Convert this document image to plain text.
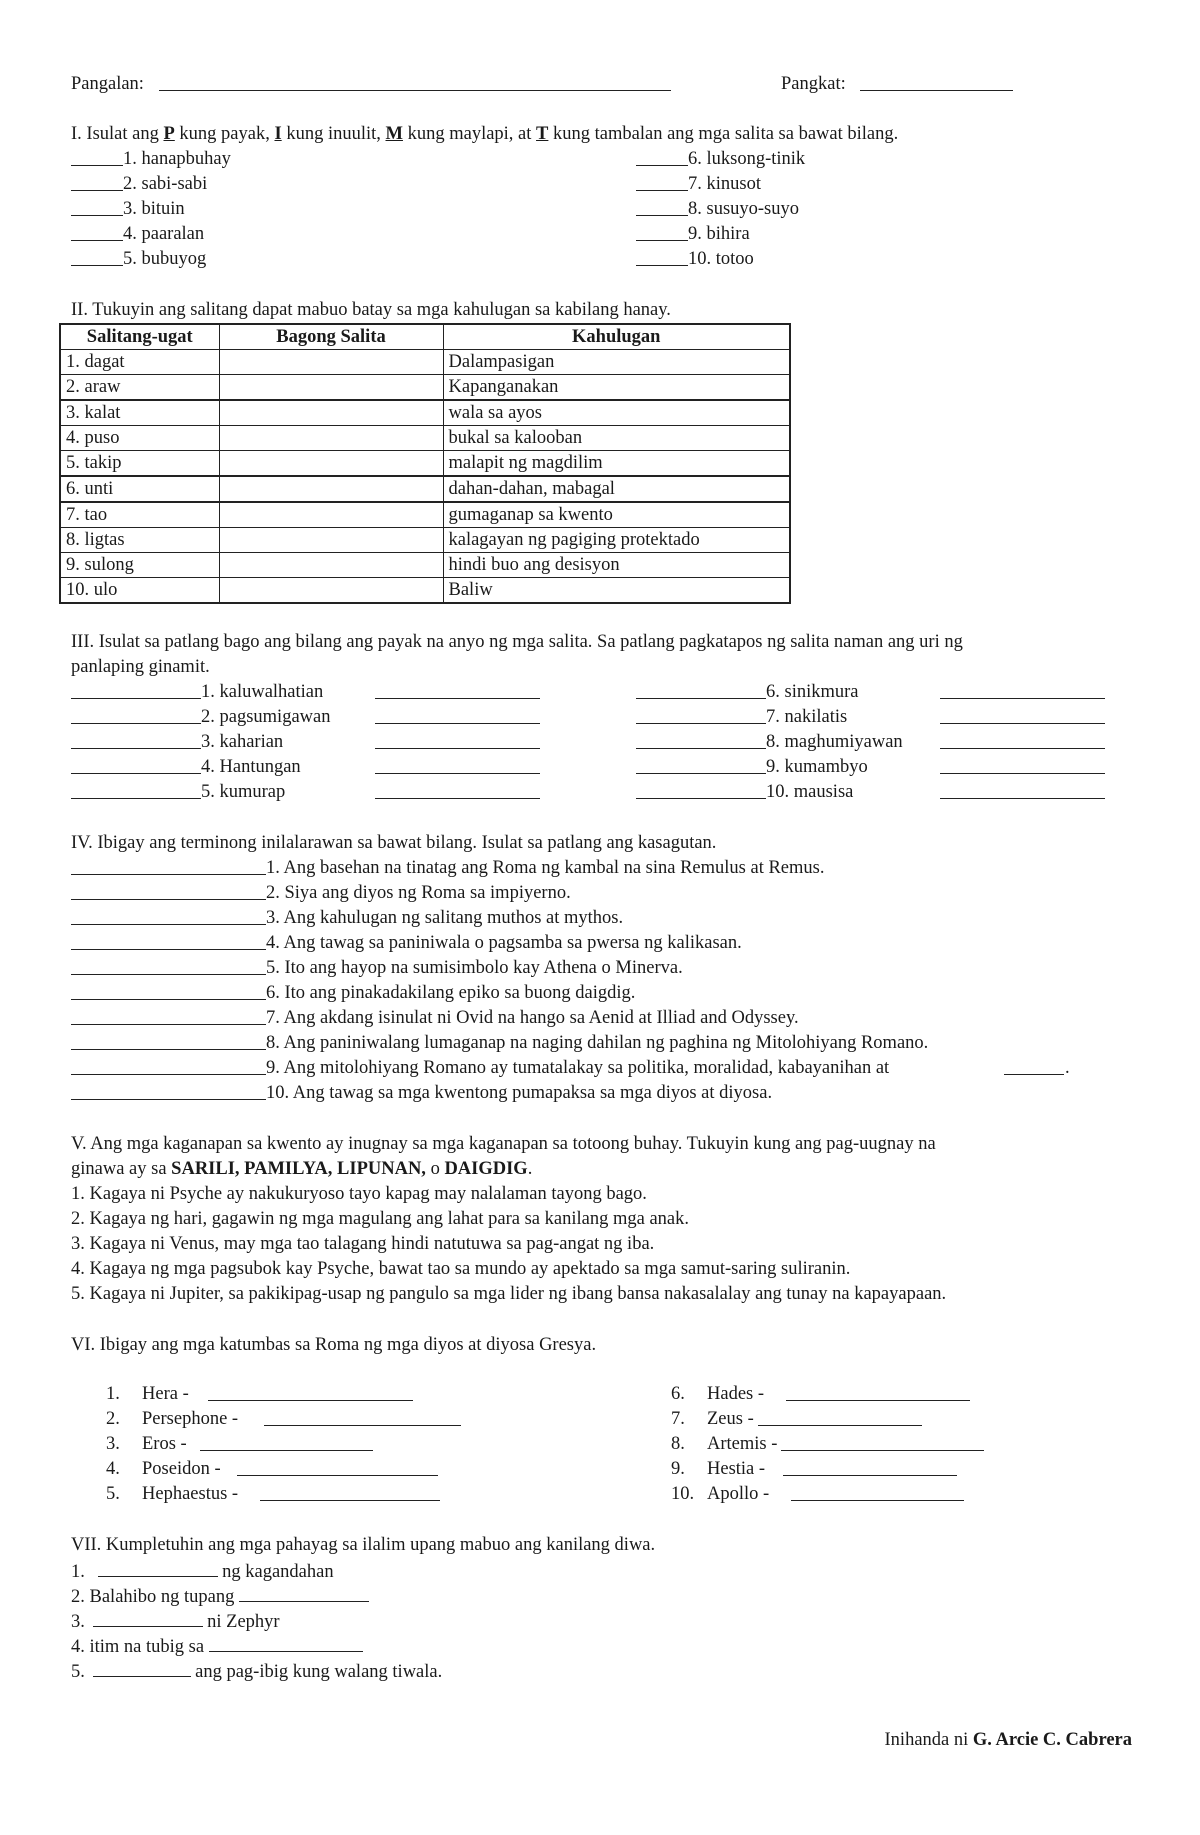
Pangalan:	Pangkat:
I. Isulat ang P kung payak, I kung inuulit, M kung maylapi, at T kung tambalan ang mga salita sa bawat bilang.
1. hanapbuhay	6. luksong-tinik
2. sabi-sabi	7. kinusot
3. bituin	8. susuyo-suyo
4. paaralan	9. bihira
5. bubuyog	10. totoo
II. Tukuyin ang salitang dapat mabuo batay sa mga kahulugan sa kabilang hanay.
Salitang-ugat	Bagong Salita	Kahulugan
1. dagat		Dalampasigan
2. araw		Kapanganakan
3. kalat		wala sa ayos
4. puso		bukal sa kalooban
5. takip		malapit ng magdilim
6. unti		dahan-dahan, mabagal
7. tao		gumaganap sa kwento
8. ligtas		kalagayan ng pagiging protektado
9. sulong		hindi buo ang desisyon
10. ulo		Baliw
III. Isulat sa patlang bago ang bilang ang payak na anyo ng mga salita. Sa patlang pagkatapos ng salita naman ang uri ng
panlaping ginamit.
1. kaluwalhatian	6. sinikmura
2. pagsumigawan	7. nakilatis
3. kaharian	8. maghumiyawan
4. Hantungan	9. kumambyo
5. kumurap	10. mausisa
IV. Ibigay ang terminong inilalarawan sa bawat bilang. Isulat sa patlang ang kasagutan.
1. Ang basehan na tinatag ang Roma ng kambal na sina Remulus at Remus.
2. Siya ang diyos ng Roma sa impiyerno.
3. Ang kahulugan ng salitang muthos at mythos.
4. Ang tawag sa paniniwala o pagsamba sa pwersa ng kalikasan.
5. Ito ang hayop na sumisimbolo kay Athena o Minerva.
6. Ito ang pinakadakilang epiko sa buong daigdig.
7. Ang akdang isinulat ni Ovid na hango sa Aenid at Illiad and Odyssey.
8. Ang paniniwalang lumaganap na naging dahilan ng paghina ng Mitolohiyang Romano.
9. Ang mitolohiyang Romano ay tumatalakay sa politika, moralidad, kabayanihan at	.
10. Ang tawag sa mga kwentong pumapaksa sa mga diyos at diyosa.
V. Ang mga kaganapan sa kwento ay inugnay sa mga kaganapan sa totoong buhay. Tukuyin kung ang pag-uugnay na
ginawa ay sa SARILI, PAMILYA, LIPUNAN, o DAIGDIG.
1. Kagaya ni Psyche ay nakukuryoso tayo kapag may nalalaman tayong bago.
2. Kagaya ng hari, gagawin ng mga magulang ang lahat para sa kanilang mga anak.
3. Kagaya ni Venus, may mga tao talagang hindi natutuwa sa pag-angat ng iba.
4. Kagaya ng mga pagsubok kay Psyche, bawat tao sa mundo ay apektado sa mga samut-saring suliranin.
5. Kagaya ni Jupiter, sa pakikipag-usap ng pangulo sa mga lider ng ibang bansa nakasalalay ang tunay na kapayapaan.
VI. Ibigay ang mga katumbas sa Roma ng mga diyos at diyosa Gresya.
1. Hera -	6. Hades -
2. Persephone -	7. Zeus -
3. Eros -	8. Artemis -
4. Poseidon -	9. Hestia -
5. Hephaestus -	10. Apollo -
VII. Kumpletuhin ang mga pahayag sa ilalim upang mabuo ang kanilang diwa.
1.	ng kagandahan
2. Balahibo ng tupang
3.	ni Zephyr
4. itim na tubig sa
5.	ang pag-ibig kung walang tiwala.
Inihanda ni G. Arcie C. Cabrera
